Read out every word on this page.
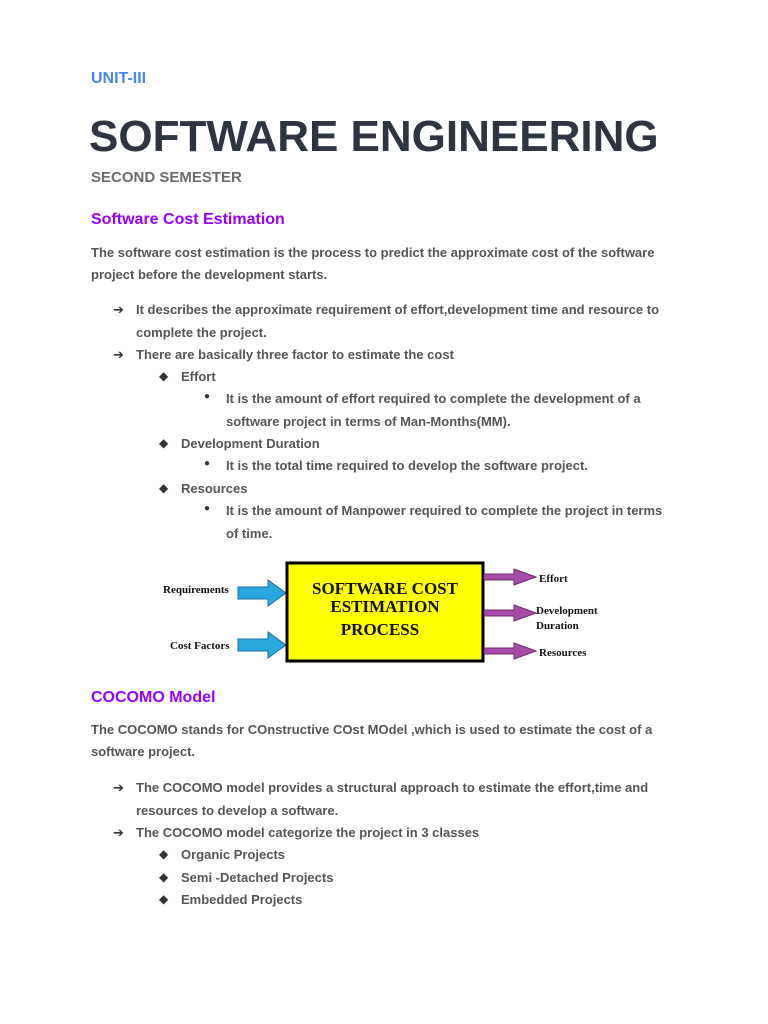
UNIT-III
SOFTWARE ENGINEERING
SECOND SEMESTER
Software Cost Estimation
The software cost estimation is the process to predict the approximate cost of the software
project before the development starts.
➔ It describes the approximate requirement of effort,development time and resource to
complete the project.
➔ There are basically three factor to estimate the cost
◆ Effort
● It is the amount of effort required to complete the development of a
software project in terms of Man-Months(MM).
◆ Development Duration
● It is the total time required to develop the software project.
◆ Resources
● It is the amount of Manpower required to complete the project in terms
of time.
Requirements
Cost Factors
SOFTWARE COST
ESTIMATION
PROCESS
Effort
Development
Duration
Resources
COCOMO Model
The COCOMO stands for COnstructive COst MOdel ,which is used to estimate the cost of a
software project.
➔ The COCOMO model provides a structural approach to estimate the effort,time and
resources to develop a software.
➔ The COCOMO model categorize the project in 3 classes
◆ Organic Projects
◆ Semi -Detached Projects
◆ Embedded Projects
